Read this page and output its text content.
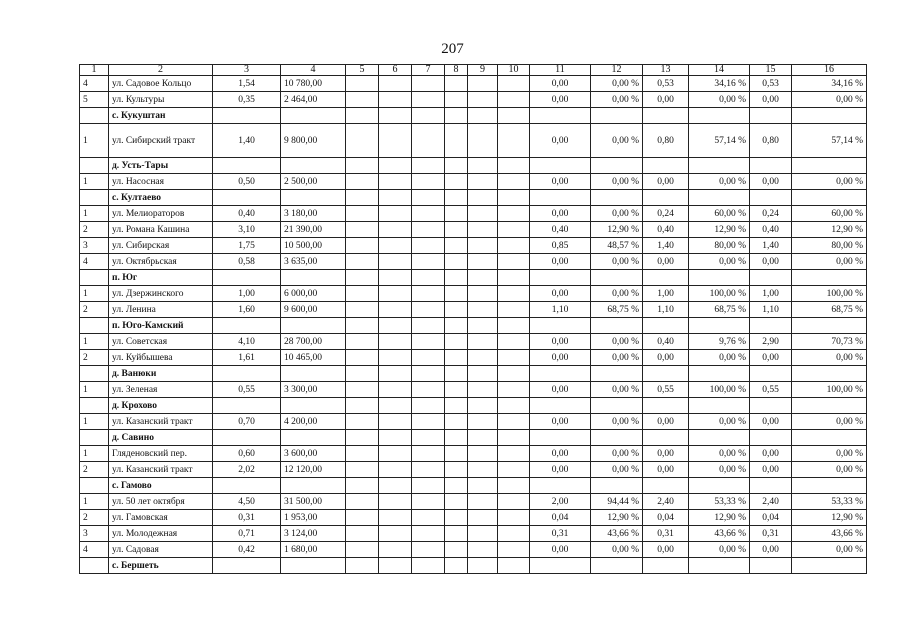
207
1	2	3	4	5	6	7	8	9	10	11	12	13	14	15	16
4	ул. Садовое Кольцо	1,54	10 780,00							0,00	0,00 %	0,53	34,16 %	0,53	34,16 %
5	ул. Культуры	0,35	2 464,00							0,00	0,00 %	0,00	0,00 %	0,00	0,00 %
	с. Кукуштан														
1	ул. Сибирский тракт	1,40	9 800,00							0,00	0,00 %	0,80	57,14 %	0,80	57,14 %
	д. Усть-Тары														
1	ул. Насосная	0,50	2 500,00							0,00	0,00 %	0,00	0,00 %	0,00	0,00 %
	с. Култаево														
1	ул. Мелиораторов	0,40	3 180,00							0,00	0,00 %	0,24	60,00 %	0,24	60,00 %
2	ул. Романа Кашина	3,10	21 390,00							0,40	12,90 %	0,40	12,90 %	0,40	12,90 %
3	ул. Сибирская	1,75	10 500,00							0,85	48,57 %	1,40	80,00 %	1,40	80,00 %
4	ул. Октябрьская	0,58	3 635,00							0,00	0,00 %	0,00	0,00 %	0,00	0,00 %
	п. Юг														
1	ул. Дзержинского	1,00	6 000,00							0,00	0,00 %	1,00	100,00 %	1,00	100,00 %
2	ул. Ленина	1,60	9 600,00							1,10	68,75 %	1,10	68,75 %	1,10	68,75 %
	п. Юго-Камский														
1	ул. Советская	4,10	28 700,00							0,00	0,00 %	0,40	9,76 %	2,90	70,73 %
2	ул. Куйбышева	1,61	10 465,00							0,00	0,00 %	0,00	0,00 %	0,00	0,00 %
	д. Ванюки														
1	ул. Зеленая	0,55	3 300,00							0,00	0,00 %	0,55	100,00 %	0,55	100,00 %
	д. Крохово														
1	ул. Казанский тракт	0,70	4 200,00							0,00	0,00 %	0,00	0,00 %	0,00	0,00 %
	д. Савино														
1	Гляденовский пер.	0,60	3 600,00							0,00	0,00 %	0,00	0,00 %	0,00	0,00 %
2	ул. Казанский тракт	2,02	12 120,00							0,00	0,00 %	0,00	0,00 %	0,00	0,00 %
	с. Гамово														
1	ул. 50 лет октября	4,50	31 500,00							2,00	94,44 %	2,40	53,33 %	2,40	53,33 %
2	ул. Гамовская	0,31	1 953,00							0,04	12,90 %	0,04	12,90 %	0,04	12,90 %
3	ул. Молодежная	0,71	3 124,00							0,31	43,66 %	0,31	43,66 %	0,31	43,66 %
4	ул. Садовая	0,42	1 680,00							0,00	0,00 %	0,00	0,00 %	0,00	0,00 %
	с. Бершеть														
